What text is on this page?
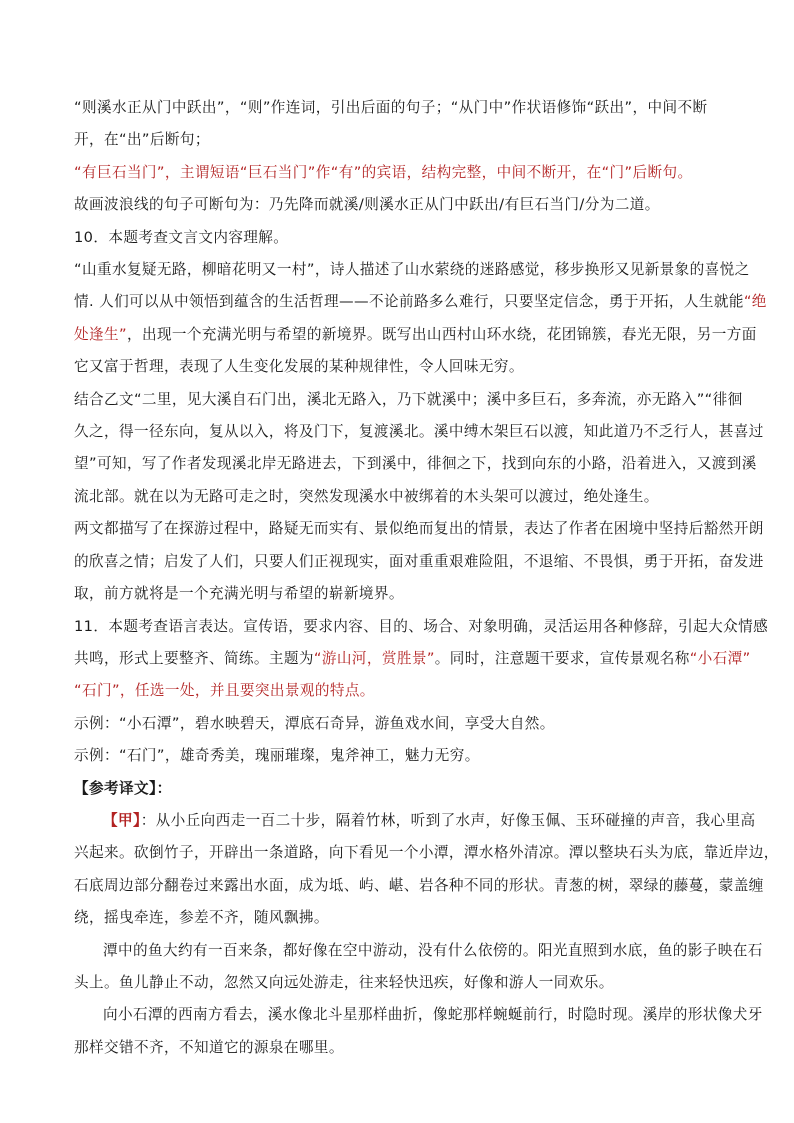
“则溪水正从门中跃出”，“则”作连词，引出后面的句子；“从门中”作状语修饰“跃出”，中间不断
开，在“出”后断句；
“有巨石当门”，主谓短语“巨石当门”作“有”的宾语，结构完整，中间不断开，在“门”后断句。
故画波浪线的句子可断句为：乃先降而就溪/则溪水正从门中跃出/有巨石当门/分为二道。
10．本题考查文言文内容理解。
“山重水复疑无路，柳暗花明又一村”，诗人描述了山水萦绕的迷路感觉，移步换形又见新景象的喜悦之
情. 人们可以从中领悟到蕴含的生活哲理——不论前路多么难行，只要坚定信念，勇于开拓，人生就能“绝
处逢生”，出现一个充满光明与希望的新境界。既写出山西村山环水绕，花团锦簇，春光无限，另一方面
它又富于哲理，表现了人生变化发展的某种规律性，令人回味无穷。
结合乙文“二里，见大溪自石门出，溪北无路入，乃下就溪中；溪中多巨石，多奔流，亦无路入”“徘徊
久之，得一径东向，复从以入，将及门下，复渡溪北。溪中缚木架巨石以渡，知此道乃不乏行人，甚喜过
望”可知，写了作者发现溪北岸无路进去，下到溪中，徘徊之下，找到向东的小路，沿着进入，又渡到溪
流北部。就在以为无路可走之时，突然发现溪水中被绑着的木头架可以渡过，绝处逢生。
两文都描写了在探游过程中，路疑无而实有、景似绝而复出的情景，表达了作者在困境中坚持后豁然开朗
的欣喜之情；启发了人们，只要人们正视现实，面对重重艰难险阻，不退缩、不畏惧，勇于开拓，奋发进
取，前方就将是一个充满光明与希望的崭新境界。
11．本题考查语言表达。宣传语，要求内容、目的、场合、对象明确，灵活运用各种修辞，引起大众情感
共鸣，形式上要整齐、简练。主题为“游山河，赏胜景”。同时，注意题干要求，宣传景观名称“小石潭”
“石门”，任选一处，并且要突出景观的特点。
示例：“小石潭”，碧水映碧天，潭底石奇异，游鱼戏水间，享受大自然。
示例：“石门”，雄奇秀美，瑰丽璀璨，鬼斧神工，魅力无穷。
【参考译文】：
【甲】：从小丘向西走一百二十步，隔着竹林，听到了水声，好像玉佩、玉环碰撞的声音，我心里高
兴起来。砍倒竹子，开辟出一条道路，向下看见一个小潭，潭水格外清凉。潭以整块石头为底，靠近岸边，
石底周边部分翻卷过来露出水面，成为坻、屿、嵁、岩各种不同的形状。青葱的树，翠绿的藤蔓，蒙盖缠
绕，摇曳牵连，参差不齐，随风飘拂。
潭中的鱼大约有一百来条，都好像在空中游动，没有什么依傍的。阳光直照到水底，鱼的影子映在石
头上。鱼儿静止不动，忽然又向远处游走，往来轻快迅疾，好像和游人一同欢乐。
向小石潭的西南方看去，溪水像北斗星那样曲折，像蛇那样蜿蜒前行，时隐时现。溪岸的形状像犬牙
那样交错不齐，不知道它的源泉在哪里。
